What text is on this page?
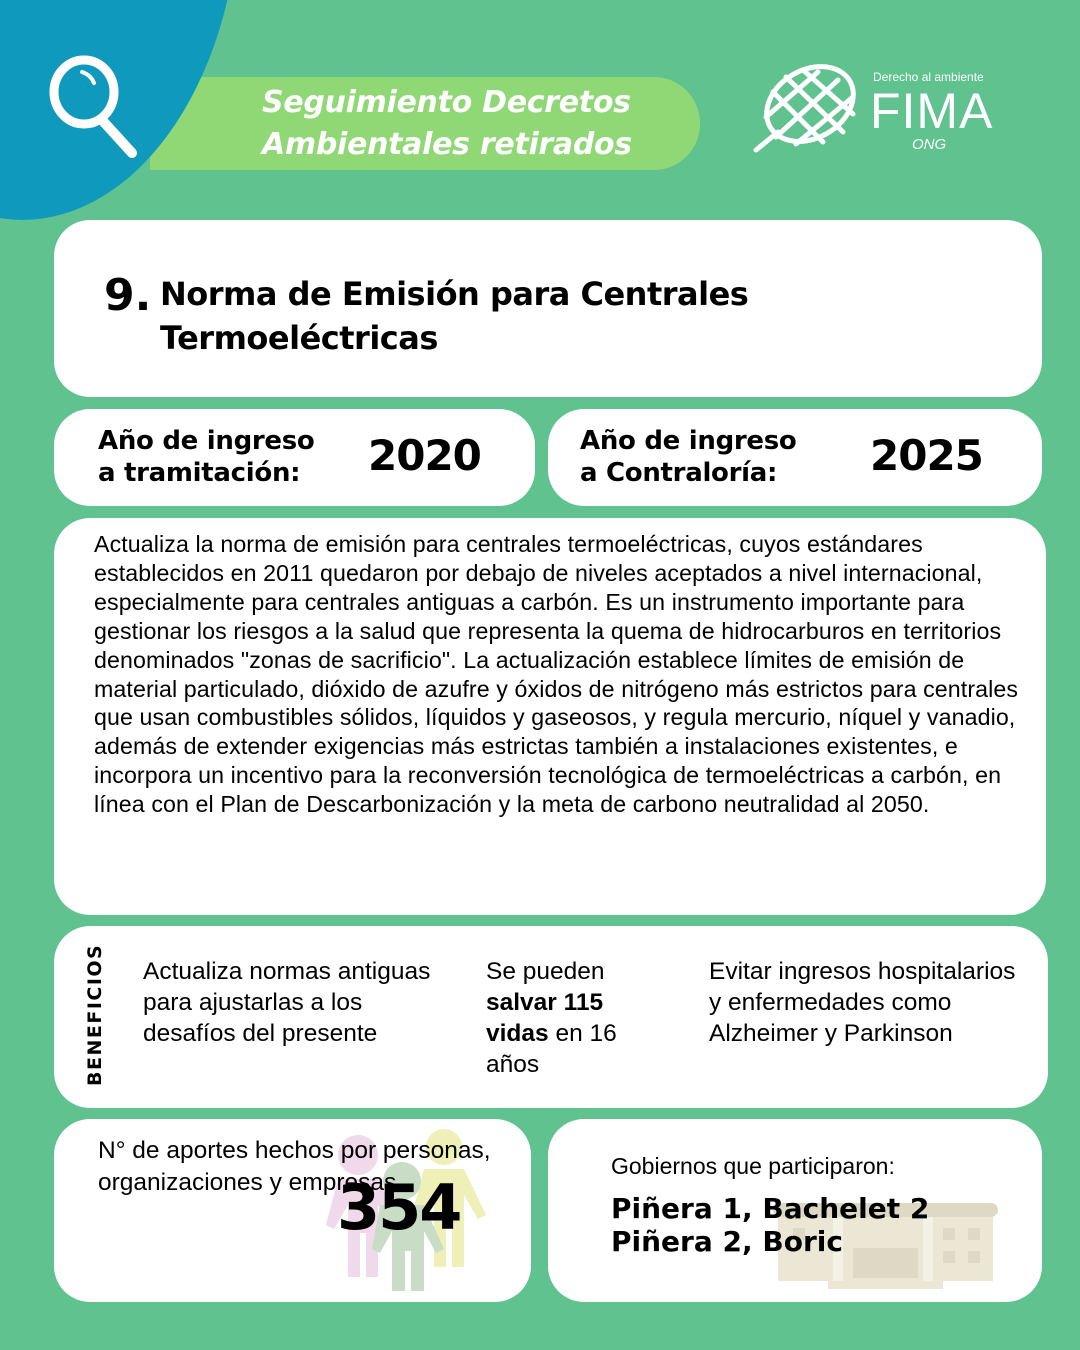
Seguimiento Decretos
Ambientales retirados
Derecho al ambiente
FIMA
ONG
9. Norma de Emisión para Centrales
Termoeléctricas
Año de ingreso
a tramitación:	2020	Año de ingreso
a Contraloría:	2025
Actualiza la norma de emisión para centrales termoeléctricas, cuyos estándares establecidos en 2011 quedaron por debajo de niveles aceptados a nivel internacional, especialmente para centrales antiguas a carbón. Es un instrumento importante para gestionar los riesgos a la salud que representa la quema de hidrocarburos en territorios denominados "zonas de sacrificio". La actualización establece límites de emisión de material particulado, dióxido de azufre y óxidos de nitrógeno más estrictos para centrales que usan combustibles sólidos, líquidos y gaseosos, y regula mercurio, níquel y vanadio, además de extender exigencias más estrictas también a instalaciones existentes, e incorpora un incentivo para la reconversión tecnológica de termoeléctricas a carbón, en línea con el Plan de Descarbonización y la meta de carbono neutralidad al 2050.
BENEFICIOS Actualiza normas antiguas para ajustarlas a los desafíos del presente
Se pueden salvar 115 vidas en 16 años
Evitar ingresos hospitalarios y enfermedades como Alzheimer y Parkinson
N° de aportes hechos por personas, organizaciones y empresas
354
Gobiernos que participaron:
Piñera 1, Bachelet 2
Piñera 2, Boric
